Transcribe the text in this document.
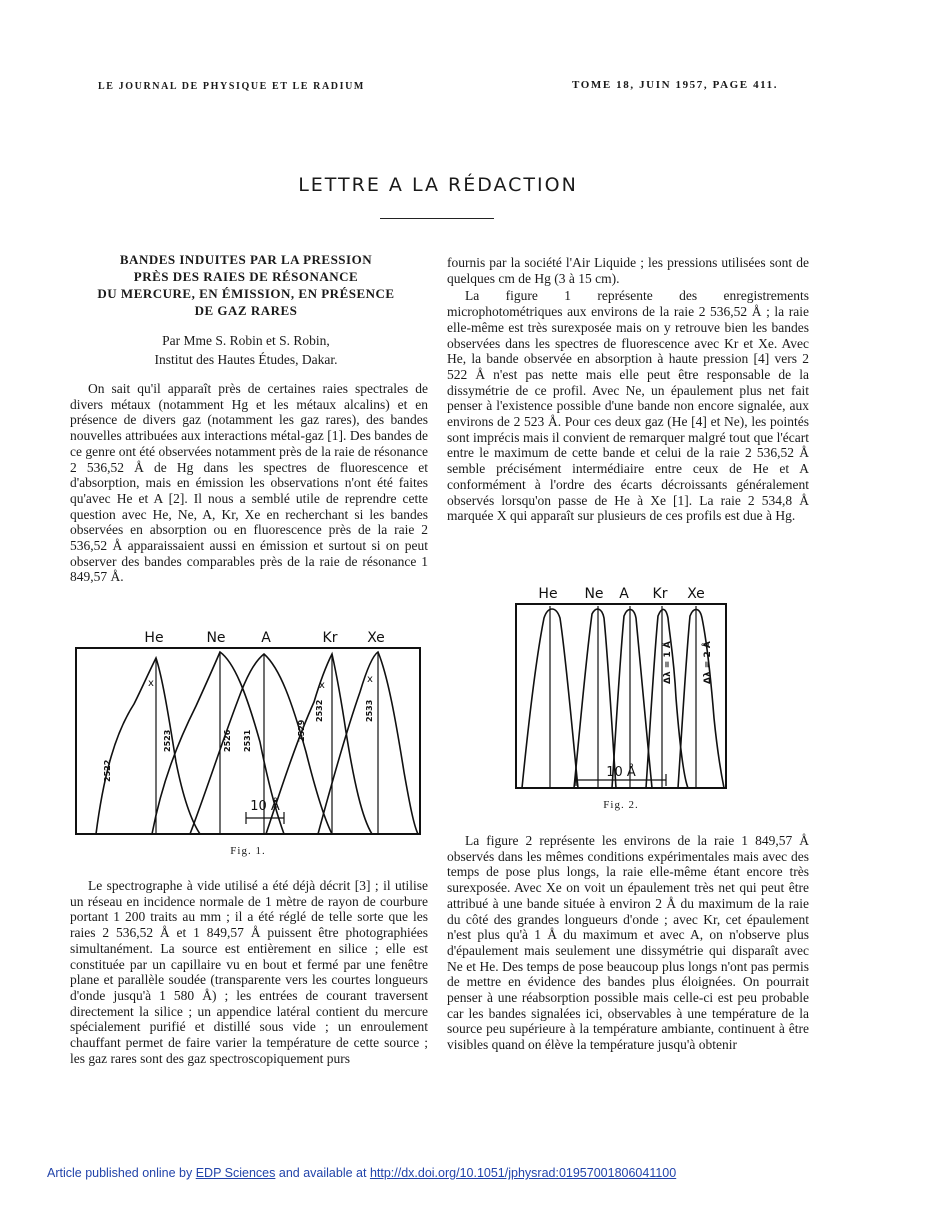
LE JOURNAL DE PHYSIQUE ET LE RADIUM	TOME 18, JUIN 1957, PAGE 411.
LETTRE A LA RÉDACTION
BANDES INDUITES PAR LA PRESSION
PRÈS DES RAIES DE RÉSONANCE
DU MERCURE, EN ÉMISSION, EN PRÉSENCE
DE GAZ RARES
Par Mme S. Robin et S. Robin,
Institut des Hautes Études, Dakar.

On sait qu'il apparaît près de certaines raies spectrales de divers métaux (notamment Hg et les métaux alcalins) et en présence de divers gaz (notamment les gaz rares), des bandes nouvelles attribuées aux interactions métal-gaz [1]. Des bandes de ce genre ont été observées notamment près de la raie de résonance 2 536,52 Å de Hg dans les spectres de fluorescence et d'absorption, mais en émission les observations n'ont été faites qu'avec He et A [2]. Il nous a semblé utile de reprendre cette question avec He, Ne, A, Kr, Xe en recherchant si les bandes observées en absorption ou en fluorescence près de la raie 2 536,52 Å apparaissaient aussi en émission et surtout si on peut observer des bandes comparables près de la raie de résonance 1 849,57 Å.

He	Ne	A	Kr Xe
2522
2523	2526 2531	2529
2532	2533
x	x
x
10 Å
Fig. 1.

Le spectrographe à vide utilisé a été déjà décrit [3] ; il utilise un réseau en incidence normale de 1 mètre de rayon de courbure portant 1 200 traits au mm ; il a été réglé de telle sorte que les raies 2 536,52 Å et 1 849,57 Å puissent être photographiées simultanément. La source est entièrement en silice ; elle est constituée par un capillaire vu en bout et fermé par une fenêtre plane et parallèle soudée (transparente vers les courtes longueurs d'onde jusqu'à 1 580 Å) ; les entrées de courant traversent directement la silice ; un appendice latéral contient du mercure spécialement purifié et distillé sous vide ; un enroulement chauffant permet de faire varier la température de cette source ; les gaz rares sont des gaz spectroscopiquement purs

fournis par la société l'Air Liquide ; les pressions utilisées sont de quelques cm de Hg (3 à 15 cm).

La figure 1 représente des enregistrements microphotométriques aux environs de la raie 2 536,52 Å ; la raie elle-même est très surexposée mais on y retrouve bien les bandes observées dans les spectres de fluorescence avec Kr et Xe. Avec He, la bande observée en absorption à haute pression [4] vers 2 522 Å n'est pas nette mais elle peut être responsable de la dissymétrie de ce profil. Avec Ne, un épaulement plus net fait penser à l'existence possible d'une bande non encore signalée, aux environs de 2 523 Å. Pour ces deux gaz (He [4] et Ne), les pointés sont imprécis mais il convient de remarquer malgré tout que l'écart entre le maximum de cette bande et celui de la raie 2 536,52 Å semble précisément intermédiaire entre ceux de He et A conformément à l'ordre des écarts décroissants généralement observés lorsqu'on passe de He à Xe [1]. La raie 2 534,8 Å marquée X qui apparaît sur plusieurs de ces profils est due à Hg.

He Ne A Kr Xe
Δλ = 1 Å	Δλ = 2 Å
10 Å
Fig. 2.

La figure 2 représente les environs de la raie 1 849,57 Å observés dans les mêmes conditions expérimentales mais avec des temps de pose plus longs, la raie elle-même étant encore très surexposée. Avec Xe on voit un épaulement très net qui peut être attribué à une bande située à environ 2 Å du maximum de la raie du côté des grandes longueurs d'onde ; avec Kr, cet épaulement n'est plus qu'à 1 Å du maximum et avec A, on n'observe plus d'épaulement mais seulement une dissymétrie qui disparaît avec Ne et He. Des temps de pose beaucoup plus longs n'ont pas permis de mettre en évidence des bandes plus éloignées. On pourrait penser à une réabsorption possible mais celle-ci est peu probable car les bandes signalées ici, observables à une température de la source peu supérieure à la température ambiante, continuent à être visibles quand on élève la température jusqu'à obtenir

Article published online by EDP Sciences and available at http://dx.doi.org/10.1051/jphysrad:01957001806041100
